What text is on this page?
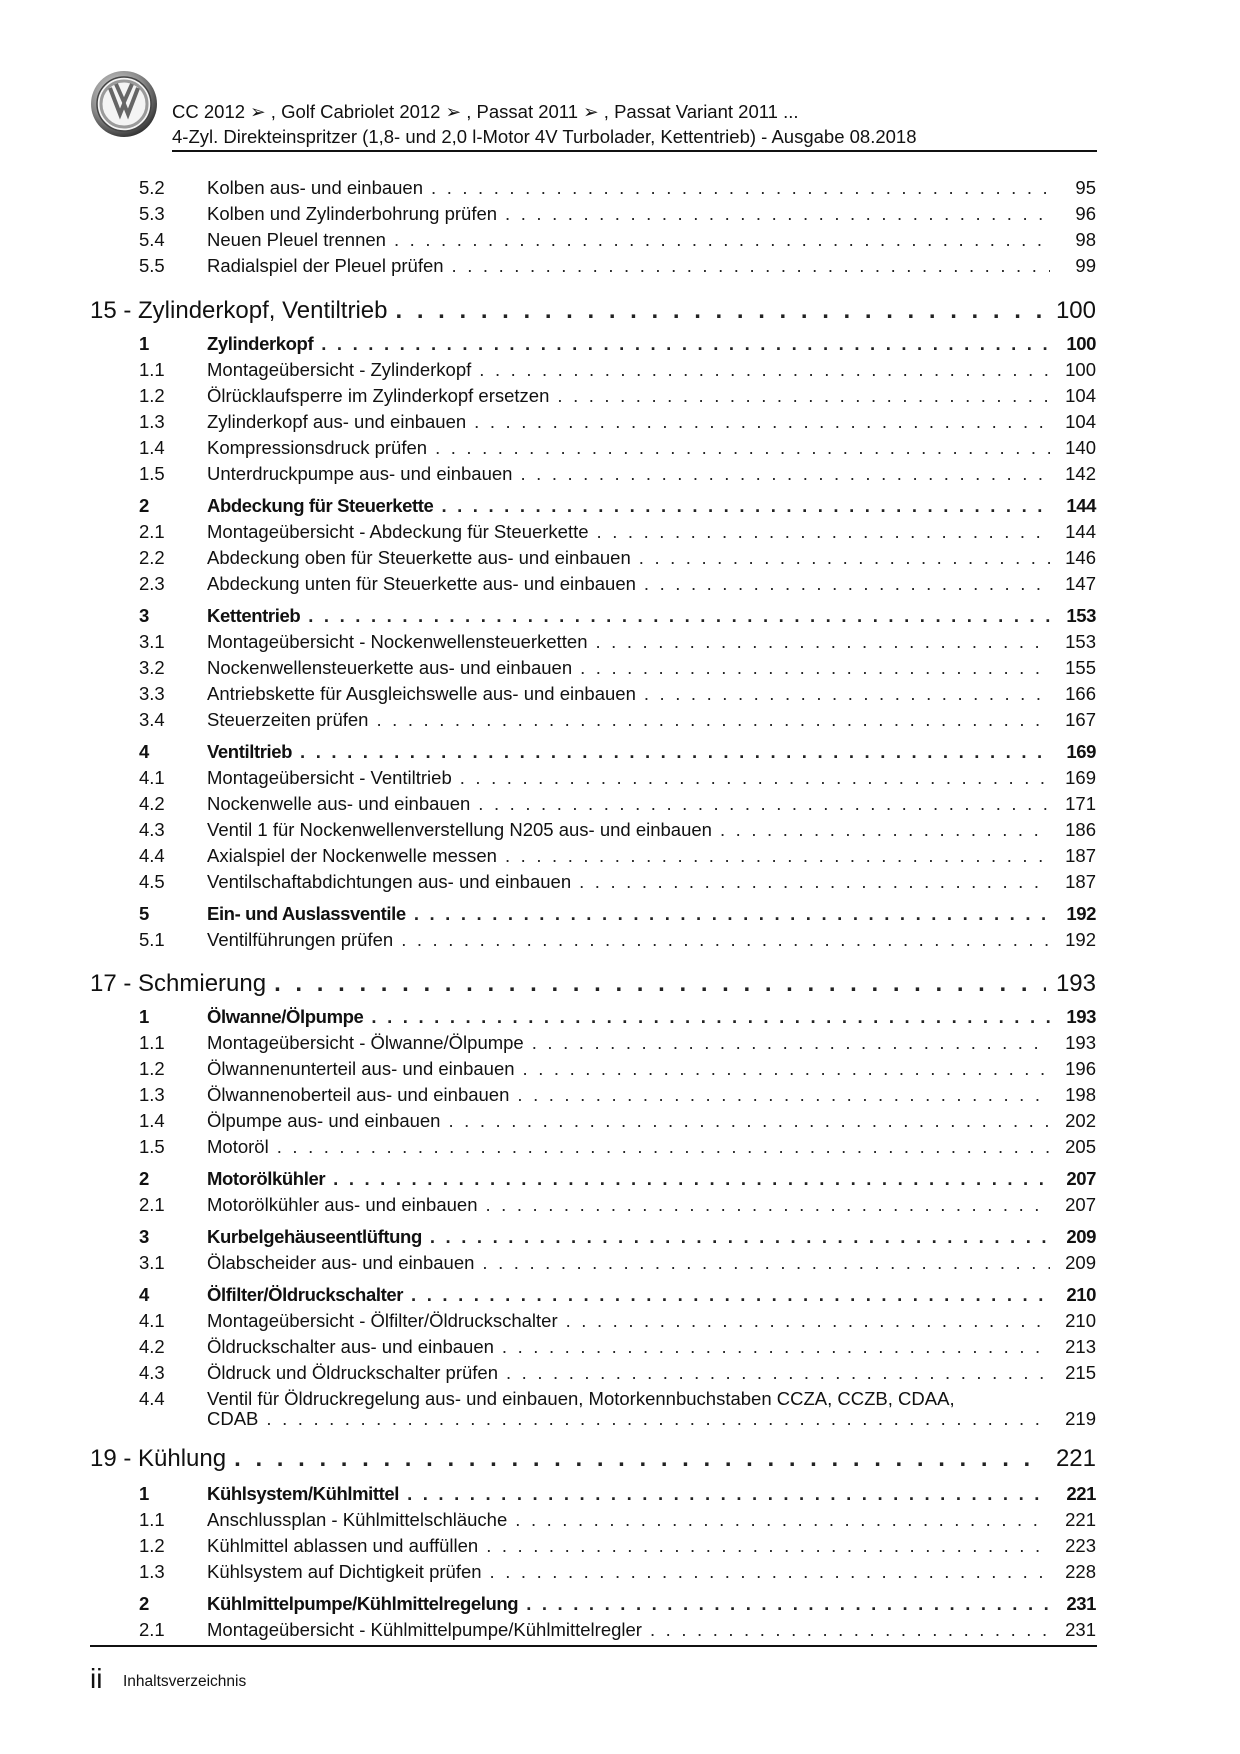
CC 2012 ➢ , Golf Cabriolet 2012 ➢ , Passat 2011 ➢ , Passat Variant 2011 ...
4-Zyl. Direkteinspritzer (1,8- und 2,0 l-Motor 4V Turbolader, Kettentrieb) - Ausgabe 08.2018
5.2 Kolben aus- und einbauen . . .	95
5.3 Kolben und Zylinderbohrung prüfen . . .	96
5.4 Neuen Pleuel trennen . . .	98
5.5 Radialspiel der Pleuel prüfen . . .	99
15 - Zylinderkopf, Ventiltrieb . . .	100
1	Zylinderkopf . . .	100
1.1 Montageübersicht - Zylinderkopf . . .	100
1.2 Ölrücklaufsperre im Zylinderkopf ersetzen . . .	104
1.3 Zylinderkopf aus- und einbauen . . .	104
1.4 Kompressionsdruck prüfen . . .	140
1.5 Unterdruckpumpe aus- und einbauen . . .	142
2	Abdeckung für Steuerkette . . .	144
2.1 Montageübersicht - Abdeckung für Steuerkette . . .	144
2.2 Abdeckung oben für Steuerkette aus- und einbauen . . .	146
2.3 Abdeckung unten für Steuerkette aus- und einbauen . . .	147
3	Kettentrieb . . .	153
3.1 Montageübersicht - Nockenwellensteuerketten . . .	153
3.2 Nockenwellensteuerkette aus- und einbauen . . .	155
3.3 Antriebskette für Ausgleichswelle aus- und einbauen . . .	166
3.4 Steuerzeiten prüfen . . .	167
4	Ventiltrieb . . .	169
4.1 Montageübersicht - Ventiltrieb . . .	169
4.2 Nockenwelle aus- und einbauen . . .	171
4.3 Ventil 1 für Nockenwellenverstellung N205 aus- und einbauen . . .	186
4.4 Axialspiel der Nockenwelle messen . . .	187
4.5 Ventilschaftabdichtungen aus- und einbauen . . .	187
5	Ein- und Auslassventile . . .	192
5.1 Ventilführungen prüfen . . .	192
17 - Schmierung . . .	193
1	Ölwanne/Ölpumpe . . .	193
1.1 Montageübersicht - Ölwanne/Ölpumpe . . .	193
1.2 Ölwannenunterteil aus- und einbauen . . .	196
1.3 Ölwannenoberteil aus- und einbauen . . .	198
1.4 Ölpumpe aus- und einbauen . . .	202
1.5 Motoröl . . .	205
2	Motorölkühler . . .	207
2.1 Motorölkühler aus- und einbauen . . .	207
3	Kurbelgehäuseentlüftung . . .	209
3.1 Ölabscheider aus- und einbauen . . .	209
4	Ölfilter/Öldruckschalter . . .	210
4.1 Montageübersicht - Ölfilter/Öldruckschalter . . .	210
4.2 Öldruckschalter aus- und einbauen . . .	213
4.3 Öldruck und Öldruckschalter prüfen . . .	215
4.4 Ventil für Öldruckregelung aus- und einbauen, Motorkennbuchstaben CCZA, CCZB, CDAA,
CDAB . . .	219
19 - Kühlung . . .	221
1	Kühlsystem/Kühlmittel . . .	221
1.1 Anschlussplan - Kühlmittelschläuche . . .	221
1.2 Kühlmittel ablassen und auffüllen . . .	223
1.3 Kühlsystem auf Dichtigkeit prüfen . . .	228
2	Kühlmittelpumpe/Kühlmittelregelung . . .	231
2.1 Montageübersicht - Kühlmittelpumpe/Kühlmittelregler . . .	231
ii Inhaltsverzeichnis
